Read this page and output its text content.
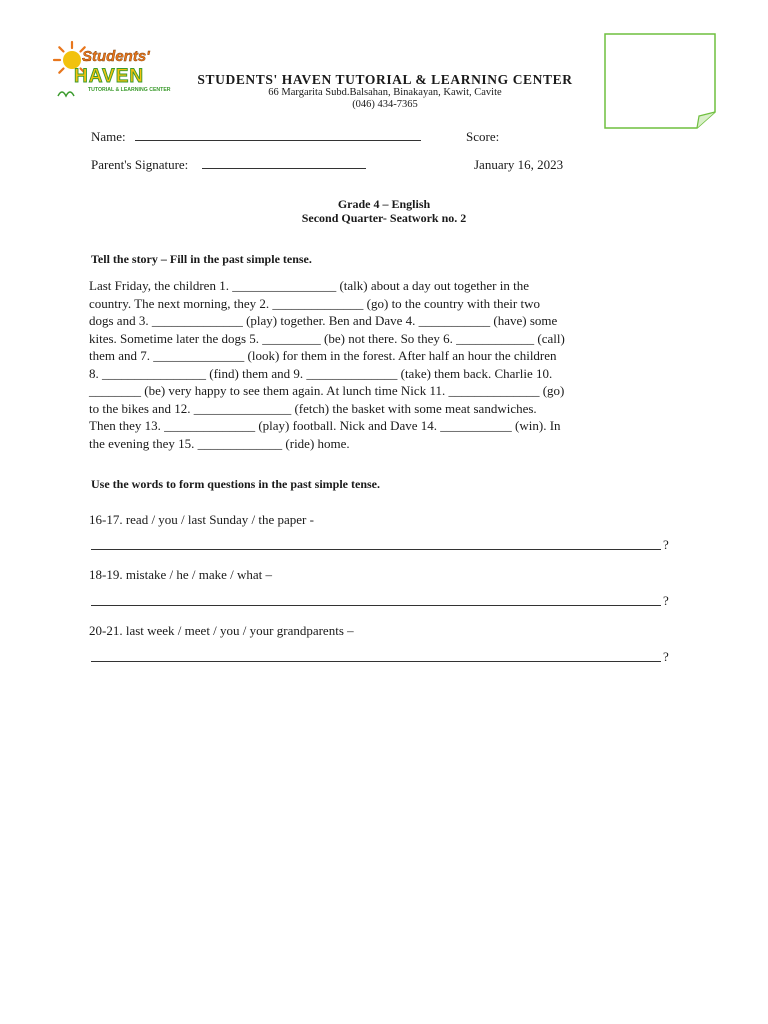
Students'
HAVEN
TUTORIAL & LEARNING CENTER
STUDENTS' HAVEN TUTORIAL & LEARNING CENTER
66 Margarita Subd.Balsahan, Binakayan, Kawit, Cavite
(046) 434-7365
Name:	Score:
Parent's Signature:	January 16, 2023
Grade 4 – English
Second Quarter- Seatwork no. 2
Tell the story – Fill in the past simple tense.
Last Friday, the children 1. ________________ (talk) about a day out together in the
country. The next morning, they 2. ______________ (go) to the country with their two
dogs and 3. ______________ (play) together. Ben and Dave 4. ___________ (have) some
kites. Sometime later the dogs 5. _________ (be) not there. So they 6. ____________ (call)
them and 7. ______________ (look) for them in the forest. After half an hour the children
8. ________________ (find) them and 9. ______________ (take) them back. Charlie 10.
________ (be) very happy to see them again. At lunch time Nick 11. ______________ (go)
to the bikes and 12. _______________ (fetch) the basket with some meat sandwiches.
Then they 13. ______________ (play) football. Nick and Dave 14. ___________ (win). In
the evening they 15. _____________ (ride) home.
Use the words to form questions in the past simple tense.
16-17. read / you / last Sunday / the paper -
?
18-19. mistake / he / make / what –
?
20-21. last week / meet / you / your grandparents –
?
